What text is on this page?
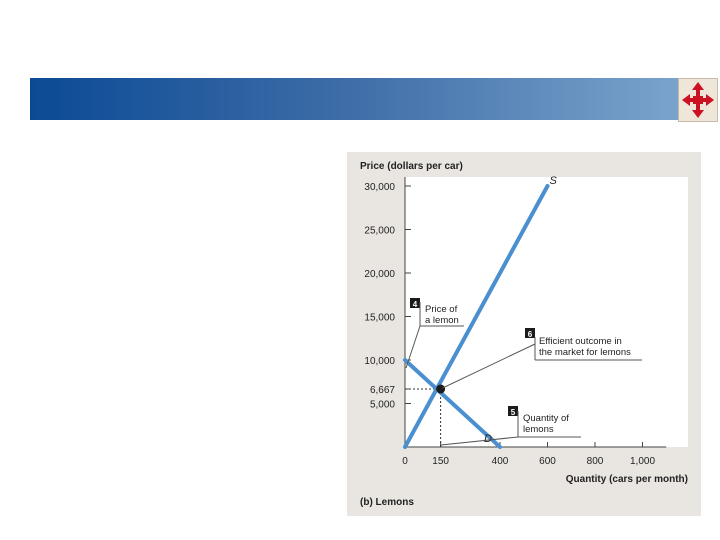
Price (dollars per car)
0 150	400	600	800	1,000
5,000
6,667
10,000
15,000
20,000
25,000
30,000
S
D
4 Price of
a lemon
6
Efficient outcome in
the market for lemons
5
Quantity of
lemons
Quantity (cars per month)
(b) Lemons
